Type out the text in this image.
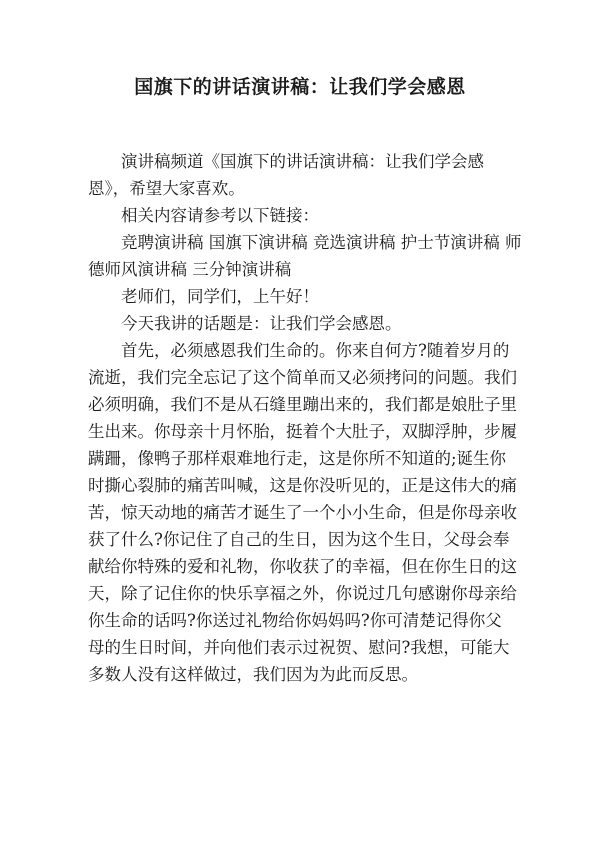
国旗下的讲话演讲稿：让我们学会感恩

演讲稿频道《国旗下的讲话演讲稿：让我们学会感
恩》，希望大家喜欢。

相关内容请参考以下链接：

竞聘演讲稿 国旗下演讲稿 竞选演讲稿 护士节演讲稿 师
德师风演讲稿 三分钟演讲稿

老师们，同学们，上午好！

今天我讲的话题是：让我们学会感恩。

首先，必须感恩我们生命的。你来自何方?随着岁月的
流逝，我们完全忘记了这个简单而又必须拷问的问题。我们
必须明确，我们不是从石缝里蹦出来的，我们都是娘肚子里
生出来。你母亲十月怀胎，挺着个大肚子，双脚浮肿，步履
蹒跚，像鸭子那样艰难地行走，这是你所不知道的;诞生你
时撕心裂肺的痛苦叫喊，这是你没听见的，正是这伟大的痛
苦，惊天动地的痛苦才诞生了一个小小生命，但是你母亲收
获了什么?你记住了自己的生日，因为这个生日，父母会奉
献给你特殊的爱和礼物，你收获了的幸福，但在你生日的这
天，除了记住你的快乐享福之外，你说过几句感谢你母亲给
你生命的话吗?你送过礼物给你妈妈吗?你可清楚记得你父
母的生日时间，并向他们表示过祝贺、慰问?我想，可能大
多数人没有这样做过，我们因为为此而反思。
